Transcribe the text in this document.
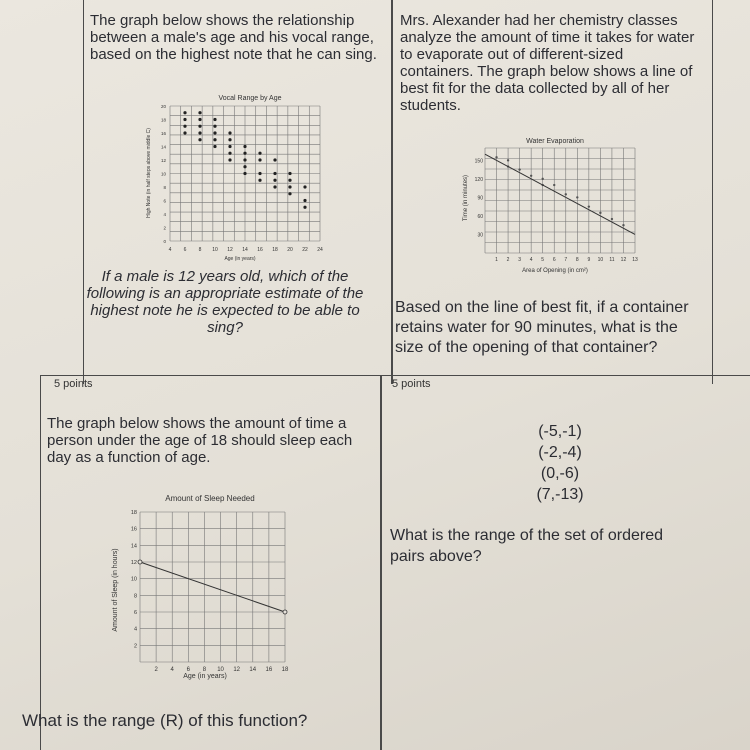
The graph below shows the relationship between a male's age and his vocal range, based on the highest note that he can sing.
Vocal Range by Age
4 6 8 10 12 14 16 18 20 22 24
20
18
16
14
12
10
8
6
4
2
0
Age (in years)
High Note (in half steps above middle C)
If a male is 12 years old, which of the following is an appropriate estimate of the highest note he is expected to be able to sing?
5 points
Mrs. Alexander had her chemistry classes analyze the amount of time it takes for water to evaporate out of different-sized containers. The graph below shows a line of best fit for the data collected by all of her students.
Water Evaporation
1 2 3 4 5 6 7 8 9 10 11 12 13
150
120
90
60
30
Area of Opening (in cm²)
Time (in minutes)
Based on the line of best fit, if a container retains water for 90 minutes, what is the size of the opening of that container?
5 points
The graph below shows the amount of time a person under the age of 18 should sleep each day as a function of age.
Amount of Sleep Needed
2 4 6 8 10 12 14 16 18
18
16
14
12
10
8
6
4
2
Age (in years)
Amount of Sleep (in hours)
What is the range (R) of this function?
(-5,-1)
(-2,-4)
(0,-6)
(7,-13)
What is the range of the set of ordered pairs above?
